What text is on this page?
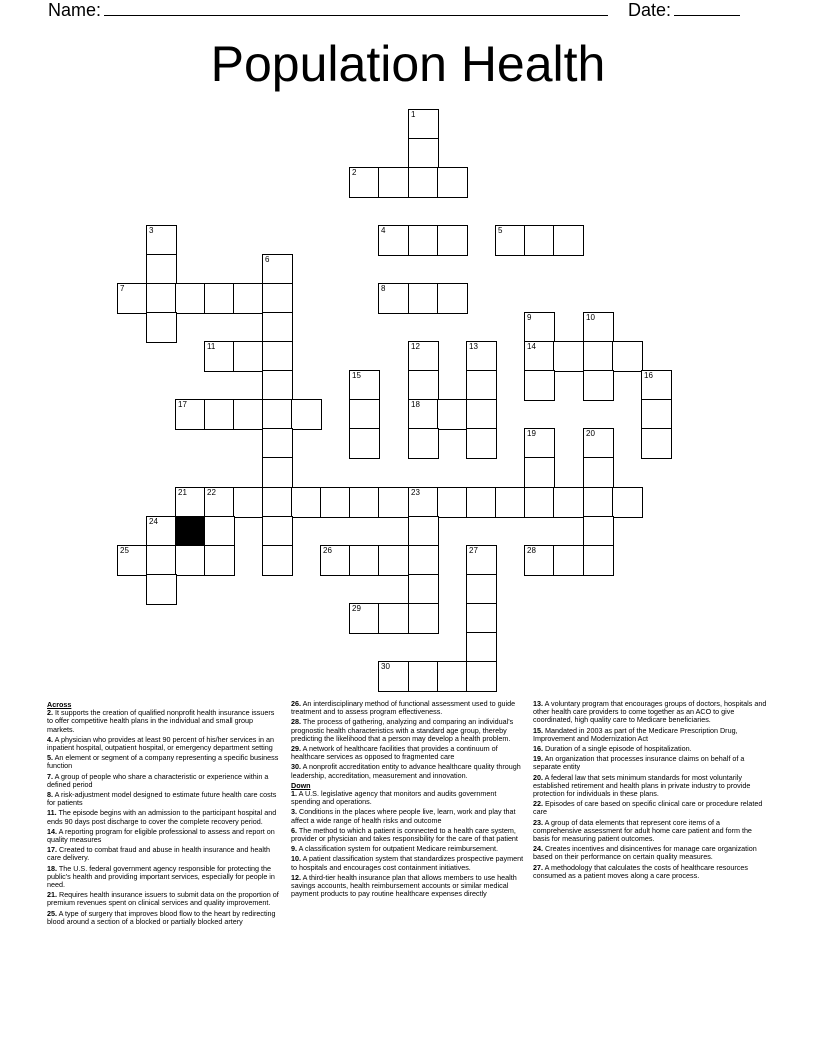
Name:	Date:
Population Health
1
2
3	4	5
6
7	8
9	10
11	12	13	14
15	16
17	18
19	20
21	22	23
24
25	26	27	28
29
30
Across
2. It supports the creation of qualified nonprofit health insurance issuers to offer competitive health plans in the individual and small group markets.
4. A physician who provides at least 90 percent of his/her services in an inpatient hospital, outpatient hospital, or emergency department setting
5. An element or segment of a company representing a specific business function
7. A group of people who share a characteristic or experience within a defined period
8. A risk-adjustment model designed to estimate future health care costs for patients
11. The episode begins with an admission to the participant hospital and ends 90 days post discharge to cover the complete recovery period.
14. A reporting program for eligible professional to assess and report on quality measures
17. Created to combat fraud and abuse in health insurance and health care delivery.
18. The U.S. federal government agency responsible for protecting the public's health and providing important services, especially for people in need.
21. Requires health insurance issuers to submit data on the proportion of premium revenues spent on clinical services and quality improvement.
25. A type of surgery that improves blood flow to the heart by redirecting blood around a section of a blocked or partially blocked artery
26. An interdisciplinary method of functional assessment used to guide treatment and to assess program effectiveness.
28. The process of gathering, analyzing and comparing an individual's prognostic health characteristics with a standard age group, thereby predicting the likelihood that a person may develop a health problem.
29. A network of healthcare facilities that provides a continuum of healthcare services as opposed to fragmented care
30. A nonprofit accreditation entity to advance healthcare quality through leadership, accreditation, measurement and innovation.
Down
1. A U.S. legislative agency that monitors and audits government spending and operations.
3. Conditions in the places where people live, learn, work and play that affect a wide range of health risks and outcome
6. The method to which a patient is connected to a health care system, provider or physician and takes responsibility for the care of that patient
9. A classification system for outpatient Medicare reimbursement.
10. A patient classification system that standardizes prospective payment to hospitals and encourages cost containment initiatives.
12. A third-tier health insurance plan that allows members to use health savings accounts, health reimbursement accounts or similar medical payment products to pay routine healthcare expenses directly
13. A voluntary program that encourages groups of doctors, hospitals and other health care providers to come together as an ACO to give coordinated, high quality care to Medicare beneficiaries.
15. Mandated in 2003 as part of the Medicare Prescription Drug, Improvement and Modernization Act
16. Duration of a single episode of hospitalization.
19. An organization that processes insurance claims on behalf of a separate entity
20. A federal law that sets minimum standards for most voluntarily established retirement and health plans in private industry to provide protection for individuals in these plans.
22. Episodes of care based on specific clinical care or procedure related care
23. A group of data elements that represent core items of a comprehensive assessment for adult home care patient and form the basis for measuring patient outcomes.
24. Creates incentives and disincentives for manage care organization based on their performance on certain quality measures.
27. A methodology that calculates the costs of healthcare resources consumed as a patient moves along a care process.
